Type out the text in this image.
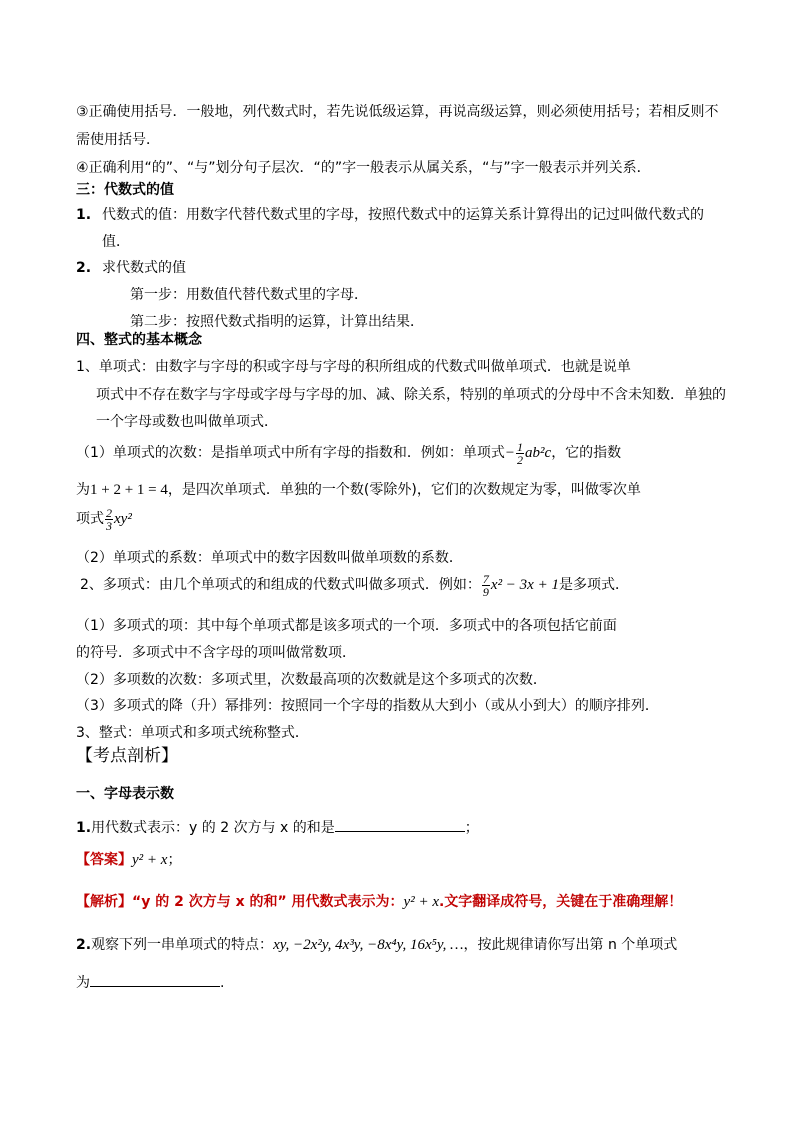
③正确使用括号．一般地，列代数式时，若先说低级运算，再说高级运算，则必须使用括号；若相反则不
需使用括号．
④正确利用“的”、“与”划分句子层次．“的”字一般表示从属关系，“与”字一般表示并列关系．
三：代数式的值
1. 代数式的值：用数字代替代数式里的字母，按照代数式中的运算关系计算得出的记过叫做代数式的
值．
2. 求代数式的值
第一步：用数值代替代数式里的字母．
第二步：按照代数式指明的运算，计算出结果．
四、整式的基本概念
1、单项式：由数字与字母的积或字母与字母的积所组成的代数式叫做单项式．也就是说单
项式中不存在数字与字母或字母与字母的加、减、除关系，特别的单项式的分母中不含未知数．单独的
一个字母或数也叫做单项式．
（1）单项式的次数：是指单项式中所有字母的指数和．例如：单项式− $\frac{1}{2} ab^2c$，它的指数
为1 + 2 + 1 = 4，是四次单项式．单独的一个数(零除外)，它们的次数规定为零，叫做零次单
项式 $\frac{2}{3} xy^2$
（2）单项式的系数：单项式中的数字因数叫做单项数的系数．
2、多项式：由几个单项式的和组成的代数式叫做多项式．例如： $\frac{7}{9} x^2 - 3x + 1$是多项式．
（1）多项式的项：其中每个单项式都是该多项式的一个项．多项式中的各项包括它前面
的符号．多项式中不含字母的项叫做常数项．
（2）多项数的次数：多项式里，次数最高项的次数就是这个多项式的次数．
（3）多项式的降（升）幂排列：按照同一个字母的指数从大到小（或从小到大）的顺序排列．
3、整式：单项式和多项式统称整式．
【考点剖析】
一、字母表示数
1.用代数式表示：y 的 2 次方与 x 的和是	；
【答案】y² + x；
【解析】“y 的 2 次方与 x 的和” 用代数式表示为：y² + x.文字翻译成符号，关键在于准确理解！
2.观察下列一串单项式的特点：xy, −2x²y, 4x³y, −8x⁴y, 16x⁵y, …，按此规律请你写出第 n 个单项式
为	.
